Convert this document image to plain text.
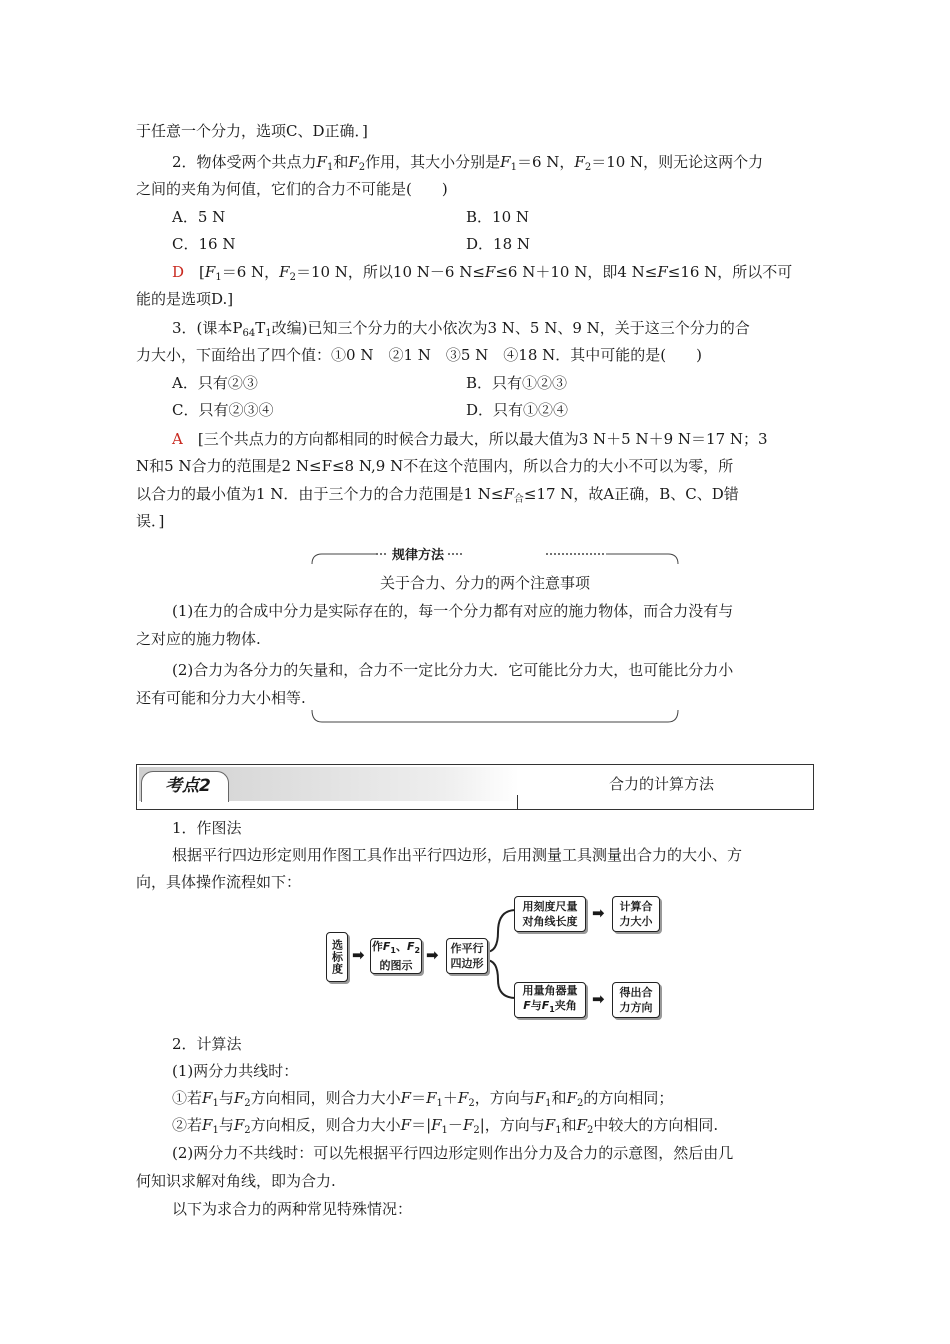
于任意一个分力，选项C、D正确．]
2．物体受两个共点力$F_1$和$F_2$作用，其大小分别是$F_1=6$ N，$F_2=10$ N，则无论这两个力
之间的夹角为何值，它们的合力不可能是(　　)
A．5 N	B．10 N
C．16 N	D．18 N
D　 [$F_1=6$ N，$F_2=10$ N，所以10 N－6 N≤F≤6 N＋10 N，即4 N≤F≤16 N，所以不可
能的是选项D.]
3．(课本$P_{64}T_1$改编)已知三个分力的大小依次为3 N、5 N、9 N，关于这三个分力的合
力大小，下面给出了四个值：①0 N　②1 N　③5 N　④18 N．其中可能的是(　　)
A．只有②③	B．只有①②③
C．只有②③④	D．只有①②④
A　 [三个共点力的方向都相同的时候合力最大，所以最大值为3 N＋5 N＋9 N＝17 N；3
N和5 N合力的范围是2 N≤F≤8 N,9 N不在这个范围内，所以合力的大小不可以为零，所
以合力的最小值为1 N．由于三个力的合力范围是1 $N\le F_合\le 17$ N，故A正确，B、C、D错
误．]
规律方法
关于合力、分力的两个注意事项
(1)在力的合成中分力是实际存在的，每一个分力都有对应的施力物体，而合力没有与
之对应的施力物体.
(2)合力为各分力的矢量和，合力不一定比分力大．它可能比分力大，也可能比分力小
还有可能和分力大小相等.
考点2	合力的计算方法
1．作图法
根据平行四边形定则用作图工具作出平行四边形，后用测量工具测量出合力的大小、方
向，具体操作流程如下：
选标度 ➡ 作$F_1$、$F_2$
的图示
➡ 作平行四边形
用刻度尺量对角线长度 ➡ 计算合力大小
用量角器量
F与$F_1$夹角 ➡ 得出合力方向
2．计算法
(1)两分力共线时：
①若$F_1$与$F_2$方向相同，则合力大小$F=F_1+F_2$，方向与$F_1$和$F_2$的方向相同；
②若$F_1$与$F_2$方向相反，则合力大小$F=|F_1-F_2|$，方向与$F_1$和$F_2$中较大的方向相同.
(2)两分力不共线时：可以先根据平行四边形定则作出分力及合力的示意图，然后由几
何知识求解对角线，即为合力.
以下为求合力的两种常见特殊情况：
